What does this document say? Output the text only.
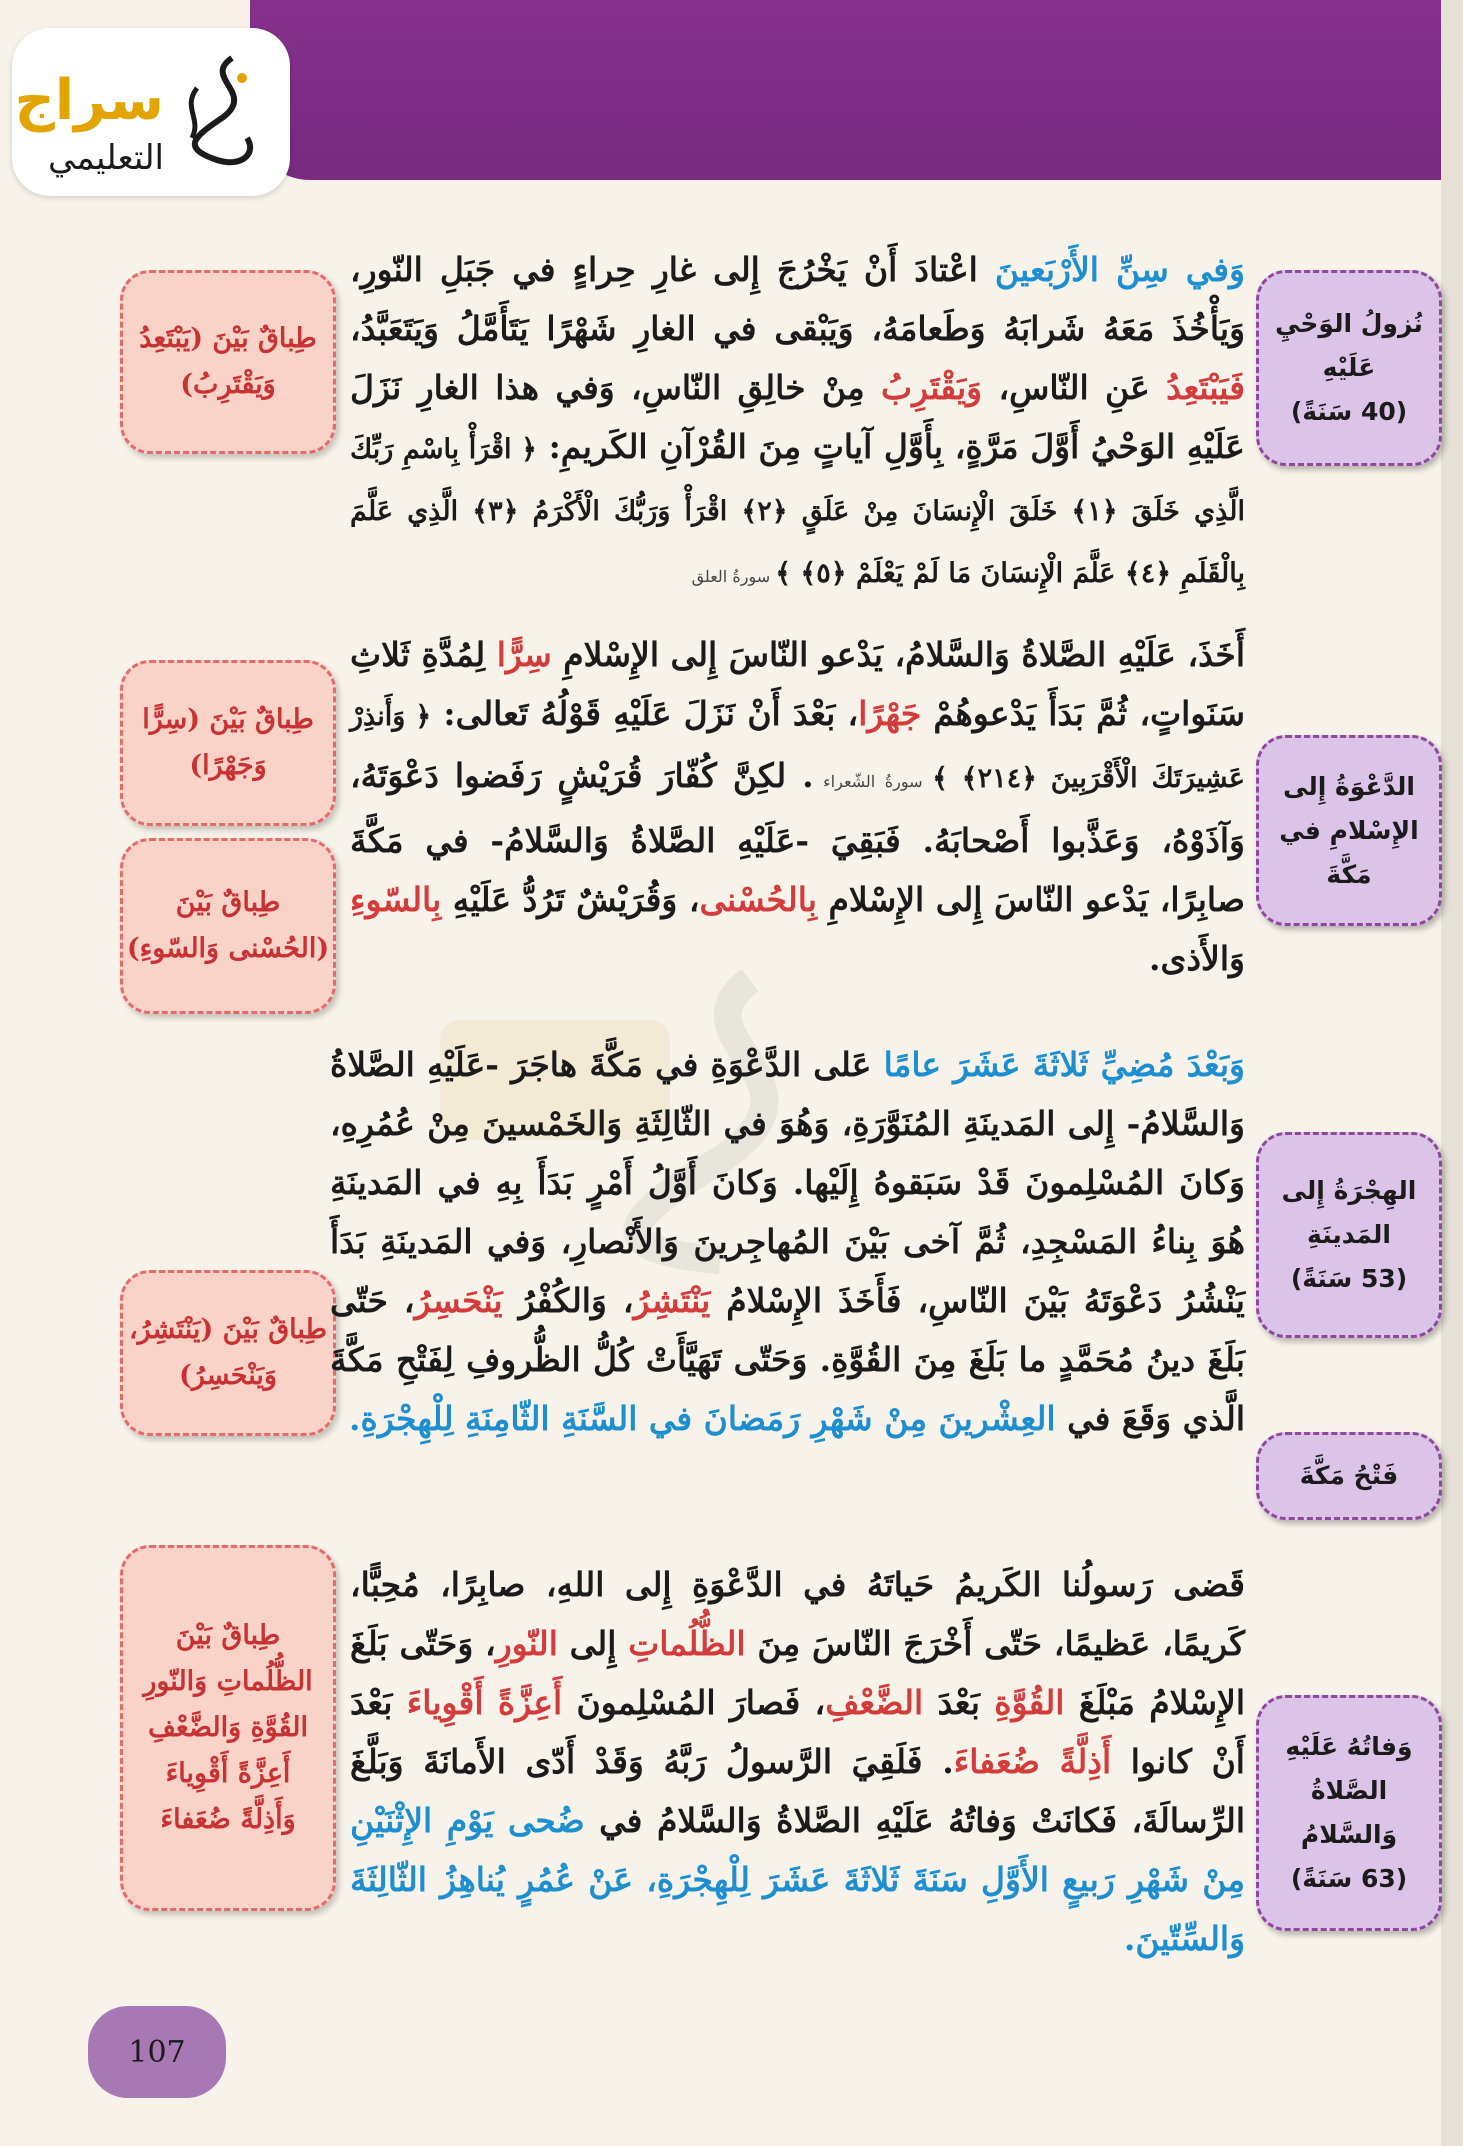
سراج
التعليمي
نُزولُ الوَحْيِ عَلَيْهِ
(40 سَنَةً)
طِباقٌ بَيْنَ (يَبْتَعِدُ وَيَقْتَرِبُ)
وَفي سِنِّ الأَرْبَعينَ اعْتادَ أَنْ يَخْرُجَ إِلى غارِ حِراءٍ في جَبَلِ النّورِ، وَيَأْخُذَ مَعَهُ شَرابَهُ وَطَعامَهُ، وَيَبْقى في الغارِ شَهْرًا يَتَأَمَّلُ وَيَتَعَبَّدُ، فَيَبْتَعِدُ عَنِ النّاسِ، وَيَقْتَرِبُ مِنْ خالِقِ النّاسِ، وَفي هذا الغارِ نَزَلَ عَلَيْهِ الوَحْيُ أَوَّلَ مَرَّةٍ، بِأَوَّلِ آياتٍ مِنَ القُرْآنِ الكَريمِ: ﴿ اقْرَأْ بِاسْمِ رَبِّكَ الَّذِي خَلَقَ ﴿١﴾ خَلَقَ الْإِنسَانَ مِنْ عَلَقٍ ﴿٢﴾ اقْرَأْ وَرَبُّكَ الْأَكْرَمُ ﴿٣﴾ الَّذِي عَلَّمَ بِالْقَلَمِ ﴿٤﴾ عَلَّمَ الْإِنسَانَ مَا لَمْ يَعْلَمْ ﴿٥﴾ ﴾ سورةُ العلق
الدَّعْوَةُ إِلى الإِسْلامِ في مَكَّةَ
طِباقٌ بَيْنَ (سِرًّا وَجَهْرًا)
طِباقٌ بَيْنَ (الحُسْنى وَالسّوءِ)
أَخَذَ، عَلَيْهِ الصَّلاةُ وَالسَّلامُ، يَدْعو النّاسَ إِلى الإِسْلامِ سِرًّا لِمُدَّةِ ثَلاثِ سَنَواتٍ، ثُمَّ بَدَأَ يَدْعوهُمْ جَهْرًا، بَعْدَ أَنْ نَزَلَ عَلَيْهِ قَوْلُهُ تَعالى: ﴿ وَأَنذِرْ عَشِيرَتَكَ الْأَقْرَبِينَ ﴿٢١٤﴾ ﴾ سورةُ الشّعراء . لكِنَّ كُفّارَ قُرَيْشٍ رَفَضوا دَعْوَتَهُ، وَآذَوْهُ، وَعَذَّبوا أَصْحابَهُ. فَبَقِيَ -عَلَيْهِ الصَّلاةُ وَالسَّلامُ- في مَكَّةَ صابِرًا، يَدْعو النّاسَ إِلى الإِسْلامِ بِالحُسْنى، وَقُرَيْشٌ تَرُدُّ عَلَيْهِ بِالسّوءِ وَالأَذى.
الهِجْرَةُ إِلى المَدينَةِ
(53 سَنَةً)
فَتْحُ مَكَّةَ
طِباقٌ بَيْنَ (يَنْتَشِرُ، وَيَنْحَسِرُ)
وَبَعْدَ مُضِيِّ ثَلاثَةَ عَشَرَ عامًا عَلى الدَّعْوَةِ في مَكَّةَ هاجَرَ -عَلَيْهِ الصَّلاةُ وَالسَّلامُ- إِلى المَدينَةِ المُنَوَّرَةِ، وَهُوَ في الثّالِثَةِ وَالخَمْسينَ مِنْ عُمُرِهِ، وَكانَ المُسْلِمونَ قَدْ سَبَقوهُ إِلَيْها. وَكانَ أَوَّلُ أَمْرٍ بَدَأَ بِهِ في المَدينَةِ هُوَ بِناءُ المَسْجِدِ، ثُمَّ آخى بَيْنَ المُهاجِرينَ وَالأَنْصارِ، وَفي المَدينَةِ بَدَأَ يَنْشُرُ دَعْوَتَهُ بَيْنَ النّاسِ، فَأَخَذَ الإِسْلامُ يَنْتَشِرُ، وَالكُفْرُ يَنْحَسِرُ، حَتّى بَلَغَ دينُ مُحَمَّدٍ ما بَلَغَ مِنَ القُوَّةِ. وَحَتّى تَهَيَّأَتْ كُلُّ الظُّروفِ لِفَتْحِ مَكَّةَ الَّذي وَقَعَ في العِشْرينَ مِنْ شَهْرِ رَمَضانَ في السَّنَةِ الثّامِنَةِ لِلْهِجْرَةِ.
وَفاتُهُ عَلَيْهِ الصَّلاةُ وَالسَّلامُ
(63 سَنَةً)
طِباقٌ بَيْنَ
الظُّلُماتِ وَالنّورِ
القُوَّةِ وَالضَّعْفِ
أَعِزَّةً أَقْوِياءَ
وَأَذِلَّةً ضُعَفاءَ
قَضى رَسولُنا الكَريمُ حَياتَهُ في الدَّعْوَةِ إِلى اللهِ، صابِرًا، مُحِبًّا، كَريمًا، عَظيمًا، حَتّى أَخْرَجَ النّاسَ مِنَ الظُّلُماتِ إِلى النّورِ، وَحَتّى بَلَغَ الإِسْلامُ مَبْلَغَ القُوَّةِ بَعْدَ الضَّعْفِ، فَصارَ المُسْلِمونَ أَعِزَّةً أَقْوِياءَ بَعْدَ أَنْ كانوا أَذِلَّةً ضُعَفاءَ. فَلَقِيَ الرَّسولُ رَبَّهُ وَقَدْ أَدّى الأَمانَةَ وَبَلَّغَ الرِّسالَةَ، فَكانَتْ وَفاتُهُ عَلَيْهِ الصَّلاةُ وَالسَّلامُ في ضُحى يَوْمِ الإِثْنَيْنِ مِنْ شَهْرِ رَبيعٍ الأَوَّلِ سَنَةَ ثَلاثَةَ عَشَرَ لِلْهِجْرَةِ، عَنْ عُمُرٍ يُناهِزُ الثّالِثَةَ وَالسِّتّينَ.
107
